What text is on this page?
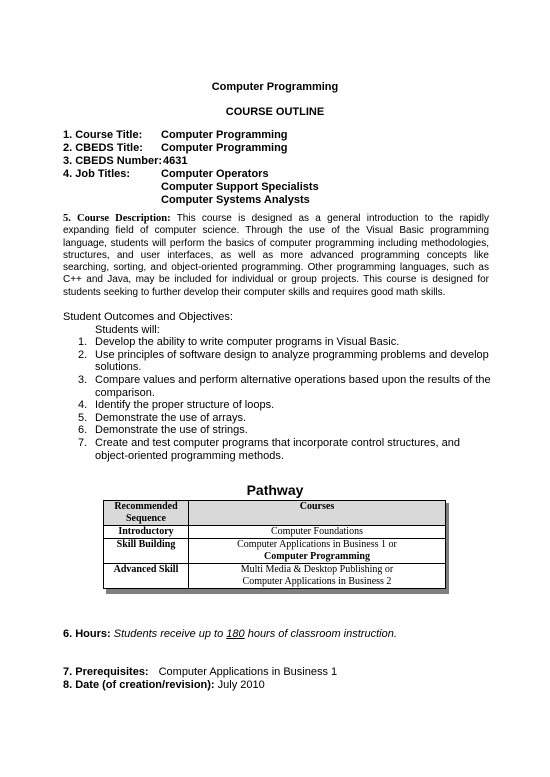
Computer Programming
COURSE OUTLINE
1. Course Title: Computer Programming
2. CBEDS Title: Computer Programming
3. CBEDS Number: 4631
4. Job Titles:	Computer Operators
Computer Support Specialists
Computer Systems Analysts

5. Course Description: This course is designed as a general introduction to the rapidly expanding field of computer science. Through the use of the Visual Basic programming language, students will perform the basics of computer programming including methodologies, structures, and user interfaces, as well as more advanced programming concepts like searching, sorting, and object-oriented programming. Other programming languages, such as C++ and Java, may be included for individual or group projects. This course is designed for students seeking to further develop their computer skills and requires good math skills.

Student Outcomes and Objectives:
Students will:
1. Develop the ability to write computer programs in Visual Basic.
2. Use principles of software design to analyze programming problems and develop solutions.
3. Compare values and perform alternative operations based upon the results of the comparison.
4. Identify the proper structure of loops.
5. Demonstrate the use of arrays.
6. Demonstrate the use of strings.
7. Create and test computer programs that incorporate control structures, and object-oriented programming methods.
Pathway
Recommended Sequence	Courses
Introductory	Computer Foundations

Skill Building	Computer Applications in Business 1 or
Computer Programming

Advanced Skill	Multi Media & Desktop Publishing or
Computer Applications in Business 2
6. Hours: Students receive up to 180 hours of classroom instruction.
7. Prerequisites: Computer Applications in Business 1
8. Date (of creation/revision): July 2010
